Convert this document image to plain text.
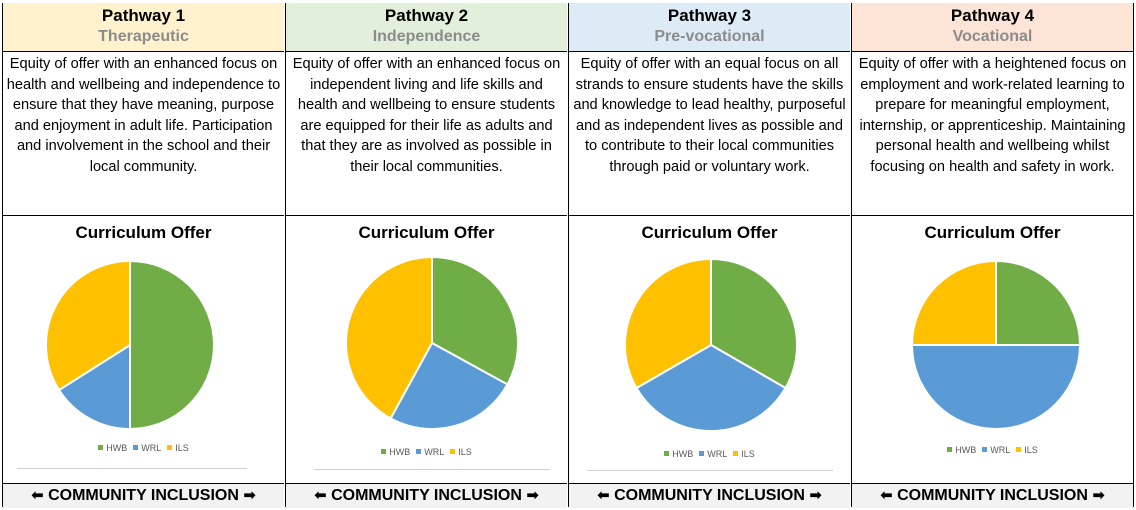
Pathway 1
Therapeutic
Equity of offer with an enhanced focus on health and wellbeing and independence to ensure that they have meaning, purpose and enjoyment in adult life. Participation and involvement in the school and their local community.
Curriculum Offer
HWB WRL ILS
⬅ COMMUNITY INCLUSION ➡
Pathway 2
Independence
Equity of offer with an enhanced focus on independent living and life skills and health and wellbeing to ensure students are equipped for their life as adults and that they are as involved as possible in their local communities.
Curriculum Offer
HWB WRL ILS
⬅ COMMUNITY INCLUSION ➡
Pathway 3
Pre-vocational
Equity of offer with an equal focus on all strands to ensure students have the skills and knowledge to lead healthy, purposeful and as independent lives as possible and to contribute to their local communities through paid or voluntary work.
Curriculum Offer
HWB WRL ILS
⬅ COMMUNITY INCLUSION ➡
Pathway 4
Vocational
Equity of offer with a heightened focus on employment and work-related learning to prepare for meaningful employment, internship, or apprenticeship. Maintaining personal health and wellbeing whilst focusing on health and safety in work.
Curriculum Offer
HWB WRL ILS
⬅ COMMUNITY INCLUSION ➡
